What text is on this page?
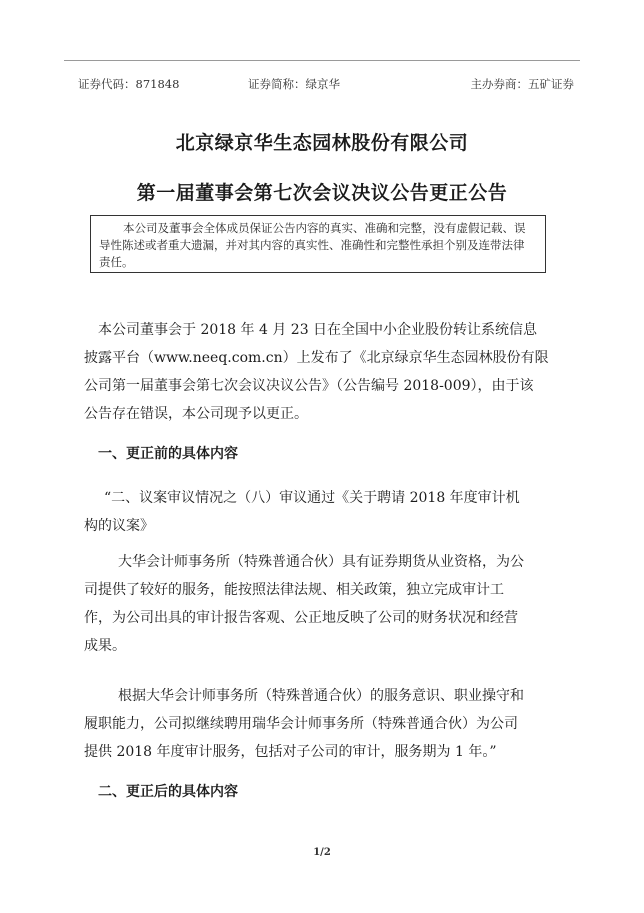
证券代码：871848	证券简称：绿京华	主办券商：五矿证券
北京绿京华生态园林股份有限公司
第一届董事会第七次会议决议公告更正公告
本公司及董事会全体成员保证公告内容的真实、准确和完整，没有虚假记载、误
导性陈述或者重大遗漏，并对其内容的真实性、准确性和完整性承担个别及连带法律
责任。
本公司董事会于 2018 年 4 月 23 日在全国中小企业股份转让系统信息
披露平台（www.neeq.com.cn）上发布了《北京绿京华生态园林股份有限
公司第一届董事会第七次会议决议公告》（公告编号 2018-009），由于该
公告存在错误，本公司现予以更正。
一、更正前的具体内容
“二、议案审议情况之（八）审议通过《关于聘请 2018 年度审计机
构的议案》
大华会计师事务所（特殊普通合伙）具有证券期货从业资格，为公
司提供了较好的服务，能按照法律法规、相关政策，独立完成审计工
作，为公司出具的审计报告客观、公正地反映了公司的财务状况和经营
成果。
根据大华会计师事务所（特殊普通合伙）的服务意识、职业操守和
履职能力，公司拟继续聘用瑞华会计师事务所（特殊普通合伙）为公司
提供 2018 年度审计服务，包括对子公司的审计，服务期为 1 年。”
二、更正后的具体内容
1/2
